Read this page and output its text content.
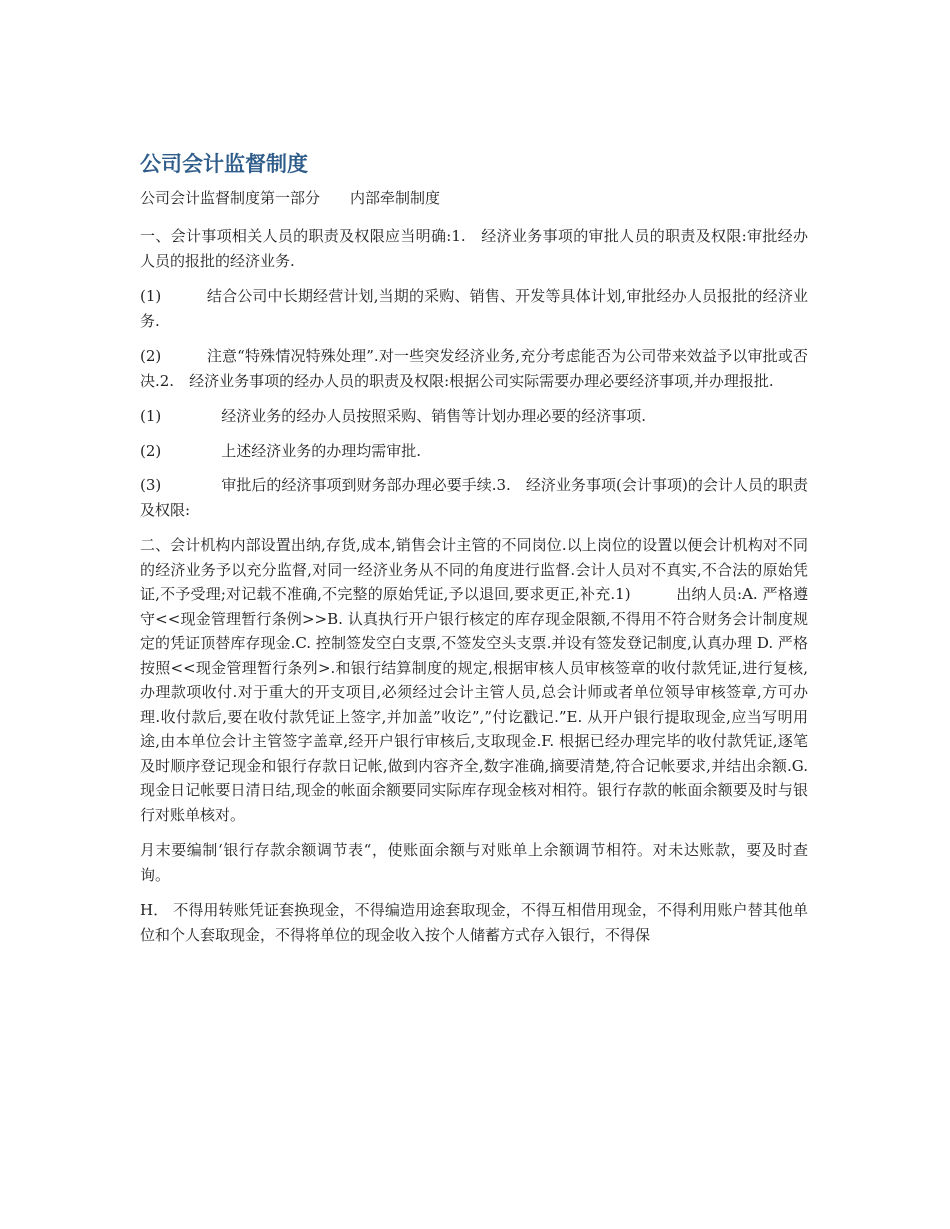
公司会计监督制度
公司会计监督制度第一部分　　内部牵制制度

一、会计事项相关人员的职责及权限应当明确:1.　经济业务事项的审批人员的职责及权限:审批经办人员的报批的经济业务.

(1)　　　结合公司中长期经营计划,当期的采购、销售、开发等具体计划,审批经办人员报批的经济业务.

(2)　　　注意“特殊情况特殊处理”.对一些突发经济业务,充分考虑能否为公司带来效益予以审批或否决.2.　经济业务事项的经办人员的职责及权限:根据公司实际需要办理必要经济事项,并办理报批.

(1)　　　　经济业务的经办人员按照采购、销售等计划办理必要的经济事项.

(2)　　　　上述经济业务的办理均需审批.

(3)　　　　审批后的经济事项到财务部办理必要手续.3.　经济业务事项(会计事项)的会计人员的职责及权限:

二、会计机构内部设置出纳,存货,成本,销售会计主管的不同岗位.以上岗位的设置以便会计机构对不同的经济业务予以充分监督,对同一经济业务从不同的角度进行监督.会计人员对不真实,不合法的原始凭证,不予受理;对记载不准确,不完整的原始凭证,予以退回,要求更正,补充.1)　　　出纳人员:A. 严格遵守<<现金管理暂行条例>>B. 认真执行开户银行核定的库存现金限额,不得用不符合财务会计制度规定的凭证顶替库存现金.C. 控制签发空白支票,不签发空头支票.并设有签发登记制度,认真办理 D. 严格按照<<现金管理暂行条列>.和银行结算制度的规定,根据审核人员审核签章的收付款凭证,进行复核,办理款项收付.对于重大的开支项目,必须经过会计主管人员,总会计师或者单位领导审核签章,方可办理.收付款后,要在收付款凭证上签字,并加盖”收讫”,”付讫戳记.”E. 从开户银行提取现金,应当写明用途,由本单位会计主管签字盖章,经开户银行审核后,支取现金.F. 根据已经办理完毕的收付款凭证,逐笔及时顺序登记现金和银行存款日记帐,做到内容齐全,数字准确,摘要清楚,符合记帐要求,并结出余额.G. 现金日记帐要日清日结,现金的帐面余额要同实际库存现金核对相符。银行存款的帐面余额要及时与银行对账单核对。

月末要编制‘银行存款余额调节表“，使账面余额与对账单上余额调节相符。对未达账款，要及时查询。

H． 不得用转账凭证套换现金，不得编造用途套取现金，不得互相借用现金，不得利用账户替其他单位和个人套取现金，不得将单位的现金收入按个人储蓄方式存入银行，不得保
